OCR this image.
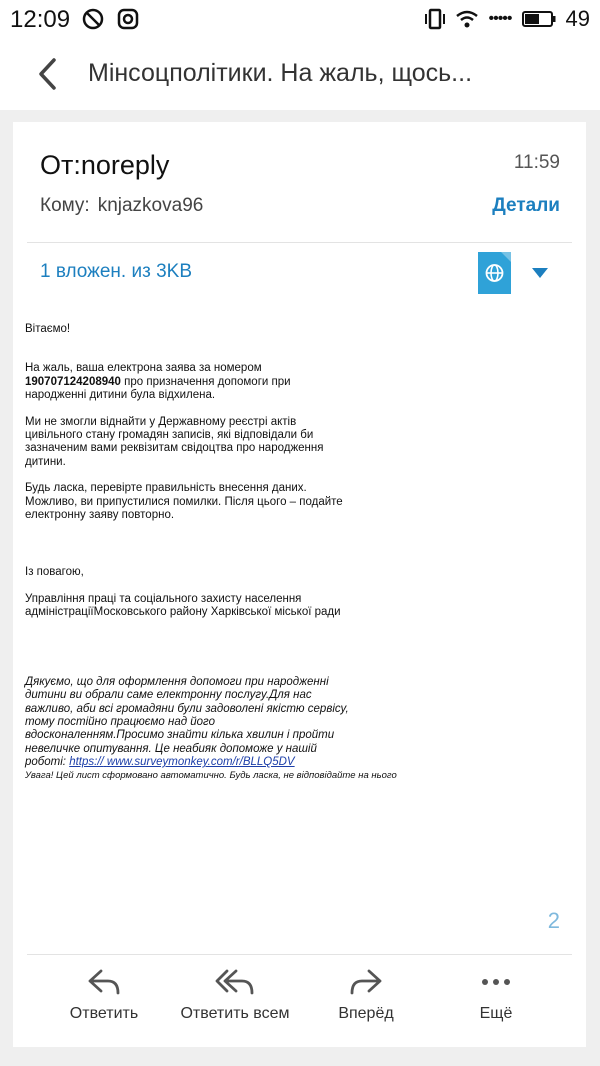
12:09	••••• 49
Мінсоцполітики. На жаль, щось...
От:noreply	11:59
Кому: knjazkova96	Детали
1 вложен. из 3KB

Вітаємо!

На жаль, ваша електрона заява за номером 190707124208940 про призначення допомоги при народженні дитини була відхилена.

Ми не змогли віднайти у Державному реєстрі актів цивільного стану громадян записів, які відповідали би зазначеним вами реквізитам свідоцтва про народження дитини.

Будь ласка, перевірте правильність внесення даних. Можливо, ви припустилися помилки. Після цього – подайте електронну заяву повторно.

Із повагою,

Управління праці та соціального захисту населення адміністраціїМосковського району Харківської міської ради

Дякуємо, що для оформлення допомоги при народженні дитини ви обрали саме електронну послугу.Для нас важливо, аби всі громадяни були задоволені якістю сервісу, тому постійно працюємо над його вдосконаленням.Просимо знайти кілька хвилин і пройти невеличке опитування. Це неабияк допоможе у нашій роботі: https:// www.surveymonkey.com/r/BLLQ5DV

Увага! Цей лист сформовано автоматично. Будь ласка, не відповідайте на нього

2
Ответить	Ответить всем	Вперёд	Ещё
